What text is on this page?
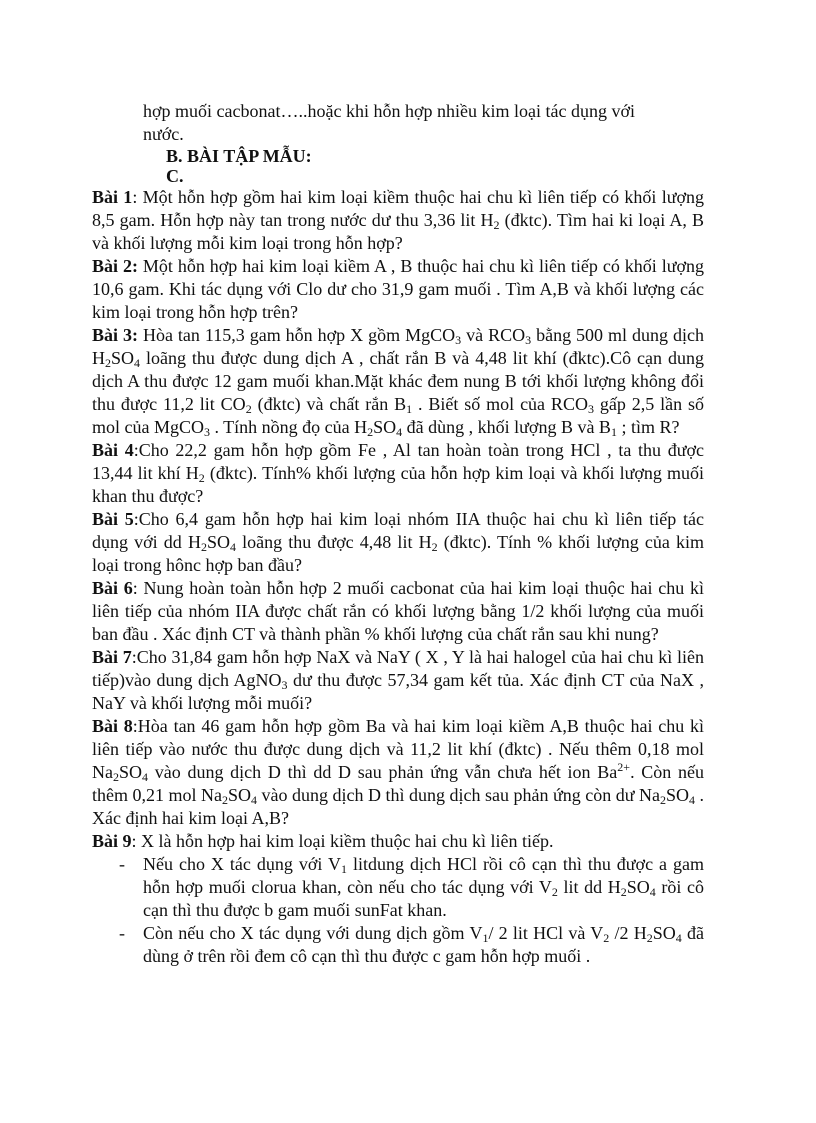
hợp muối cacbonat…..hoặc khi hỗn hợp nhiều kim loại tác dụng với
nước.
B. BÀI TẬP MẪU:
C.
Bài 1: Một hỗn hợp gồm hai kim loại kiềm thuộc hai chu kì liên tiếp có khối lượng 8,5 gam. Hỗn hợp này tan trong nước dư thu 3,36 lit $H_2$ (đktc). Tìm hai ki loại A, B và khối lượng mỗi kim loại trong hỗn hợp?
Bài 2: Một hỗn hợp hai kim loại kiềm A , B thuộc hai chu kì liên tiếp có khối lượng 10,6 gam. Khi tác dụng với Clo dư cho 31,9 gam muối . Tìm A,B và khối lượng các kim loại trong hỗn hợp trên?
Bài 3: Hòa tan 115,3 gam hỗn hợp X gồm MgCO$_3$ và $RCO_3$ bằng 500 ml dung dịch $H_2SO_4$ loãng thu được dung dịch A , chất rắn B và 4,48 lit khí (đktc).Cô cạn dung dịch A thu được 12 gam muối khan.Mặt khác đem nung B tới khối lượng không đổi thu được 11,2 lit $CO_2$ (đktc) và chất rắn $B_1$ . Biết số mol của $RCO_3$ gấp 2,5 lần số mol của MgCO$_3$ . Tính nồng đọ của $H_2SO_4$ đã dùng , khối lượng B và $B_1$ ; tìm R?
Bài 4:Cho 22,2 gam hỗn hợp gồm Fe , Al tan hoàn toàn trong HCl , ta thu được 13,44 lit khí $H_2$ (đktc). Tính% khối lượng của hỗn hợp kim loại và khối lượng muối khan thu được?
Bài 5:Cho 6,4 gam hỗn hợp hai kim loại nhóm IIA thuộc hai chu kì liên tiếp tác dụng với dd $H_2SO_4$ loãng thu được 4,48 lit $H_2$ (đktc). Tính % khối lượng của kim loại trong hônc hợp ban đầu?
Bài 6: Nung hoàn toàn hỗn hợp 2 muối cacbonat của hai kim loại thuộc hai chu kì liên tiếp của nhóm IIA được chất rắn có khối lượng bằng 1/2 khối lượng của muối ban đầu . Xác định CT và thành phần % khối lượng của chất rắn sau khi nung?
Bài 7:Cho 31,84 gam hỗn hợp NaX và NaY ( X , Y là hai halogel của hai chu kì liên tiếp)vào dung dịch AgNO$_3$ dư thu được 57,34 gam kết tủa. Xác định CT của NaX , NaY và khối lượng mỗi muối?
Bài 8:Hòa tan 46 gam hỗn hợp gồm Ba và hai kim loại kiềm A,B thuộc hai chu kì liên tiếp vào nước thu được dung dịch và 11,2 lit khí (đktc) . Nếu thêm 0,18 mol $Na_2SO_4$ vào dung dịch D thì dd D sau phản ứng vẫn chưa hết ion $Ba^{2+}$. Còn nếu thêm 0,21 mol $Na_2SO_4$ vào dung dịch D thì dung dịch sau phản ứng còn dư $Na_2SO_4$ . Xác định hai kim loại A,B?
Bài 9: X là hỗn hợp hai kim loại kiềm thuộc hai chu kì liên tiếp.
- Nếu cho X tác dụng với $V_1$ litdung dịch HCl rồi cô cạn thì thu được a gam hỗn hợp muối clorua khan, còn nếu cho tác dụng với $V_2$ lit dd $H_2SO_4$ rồi cô cạn thì thu được b gam muối sunFat khan.
- Còn nếu cho X tác dụng với dung dịch gồm $V_1/$ 2 lit HCl và $V_2$ /2 $H_2SO_4$ đã dùng ở trên rồi đem cô cạn thì thu được c gam hỗn hợp muối .
